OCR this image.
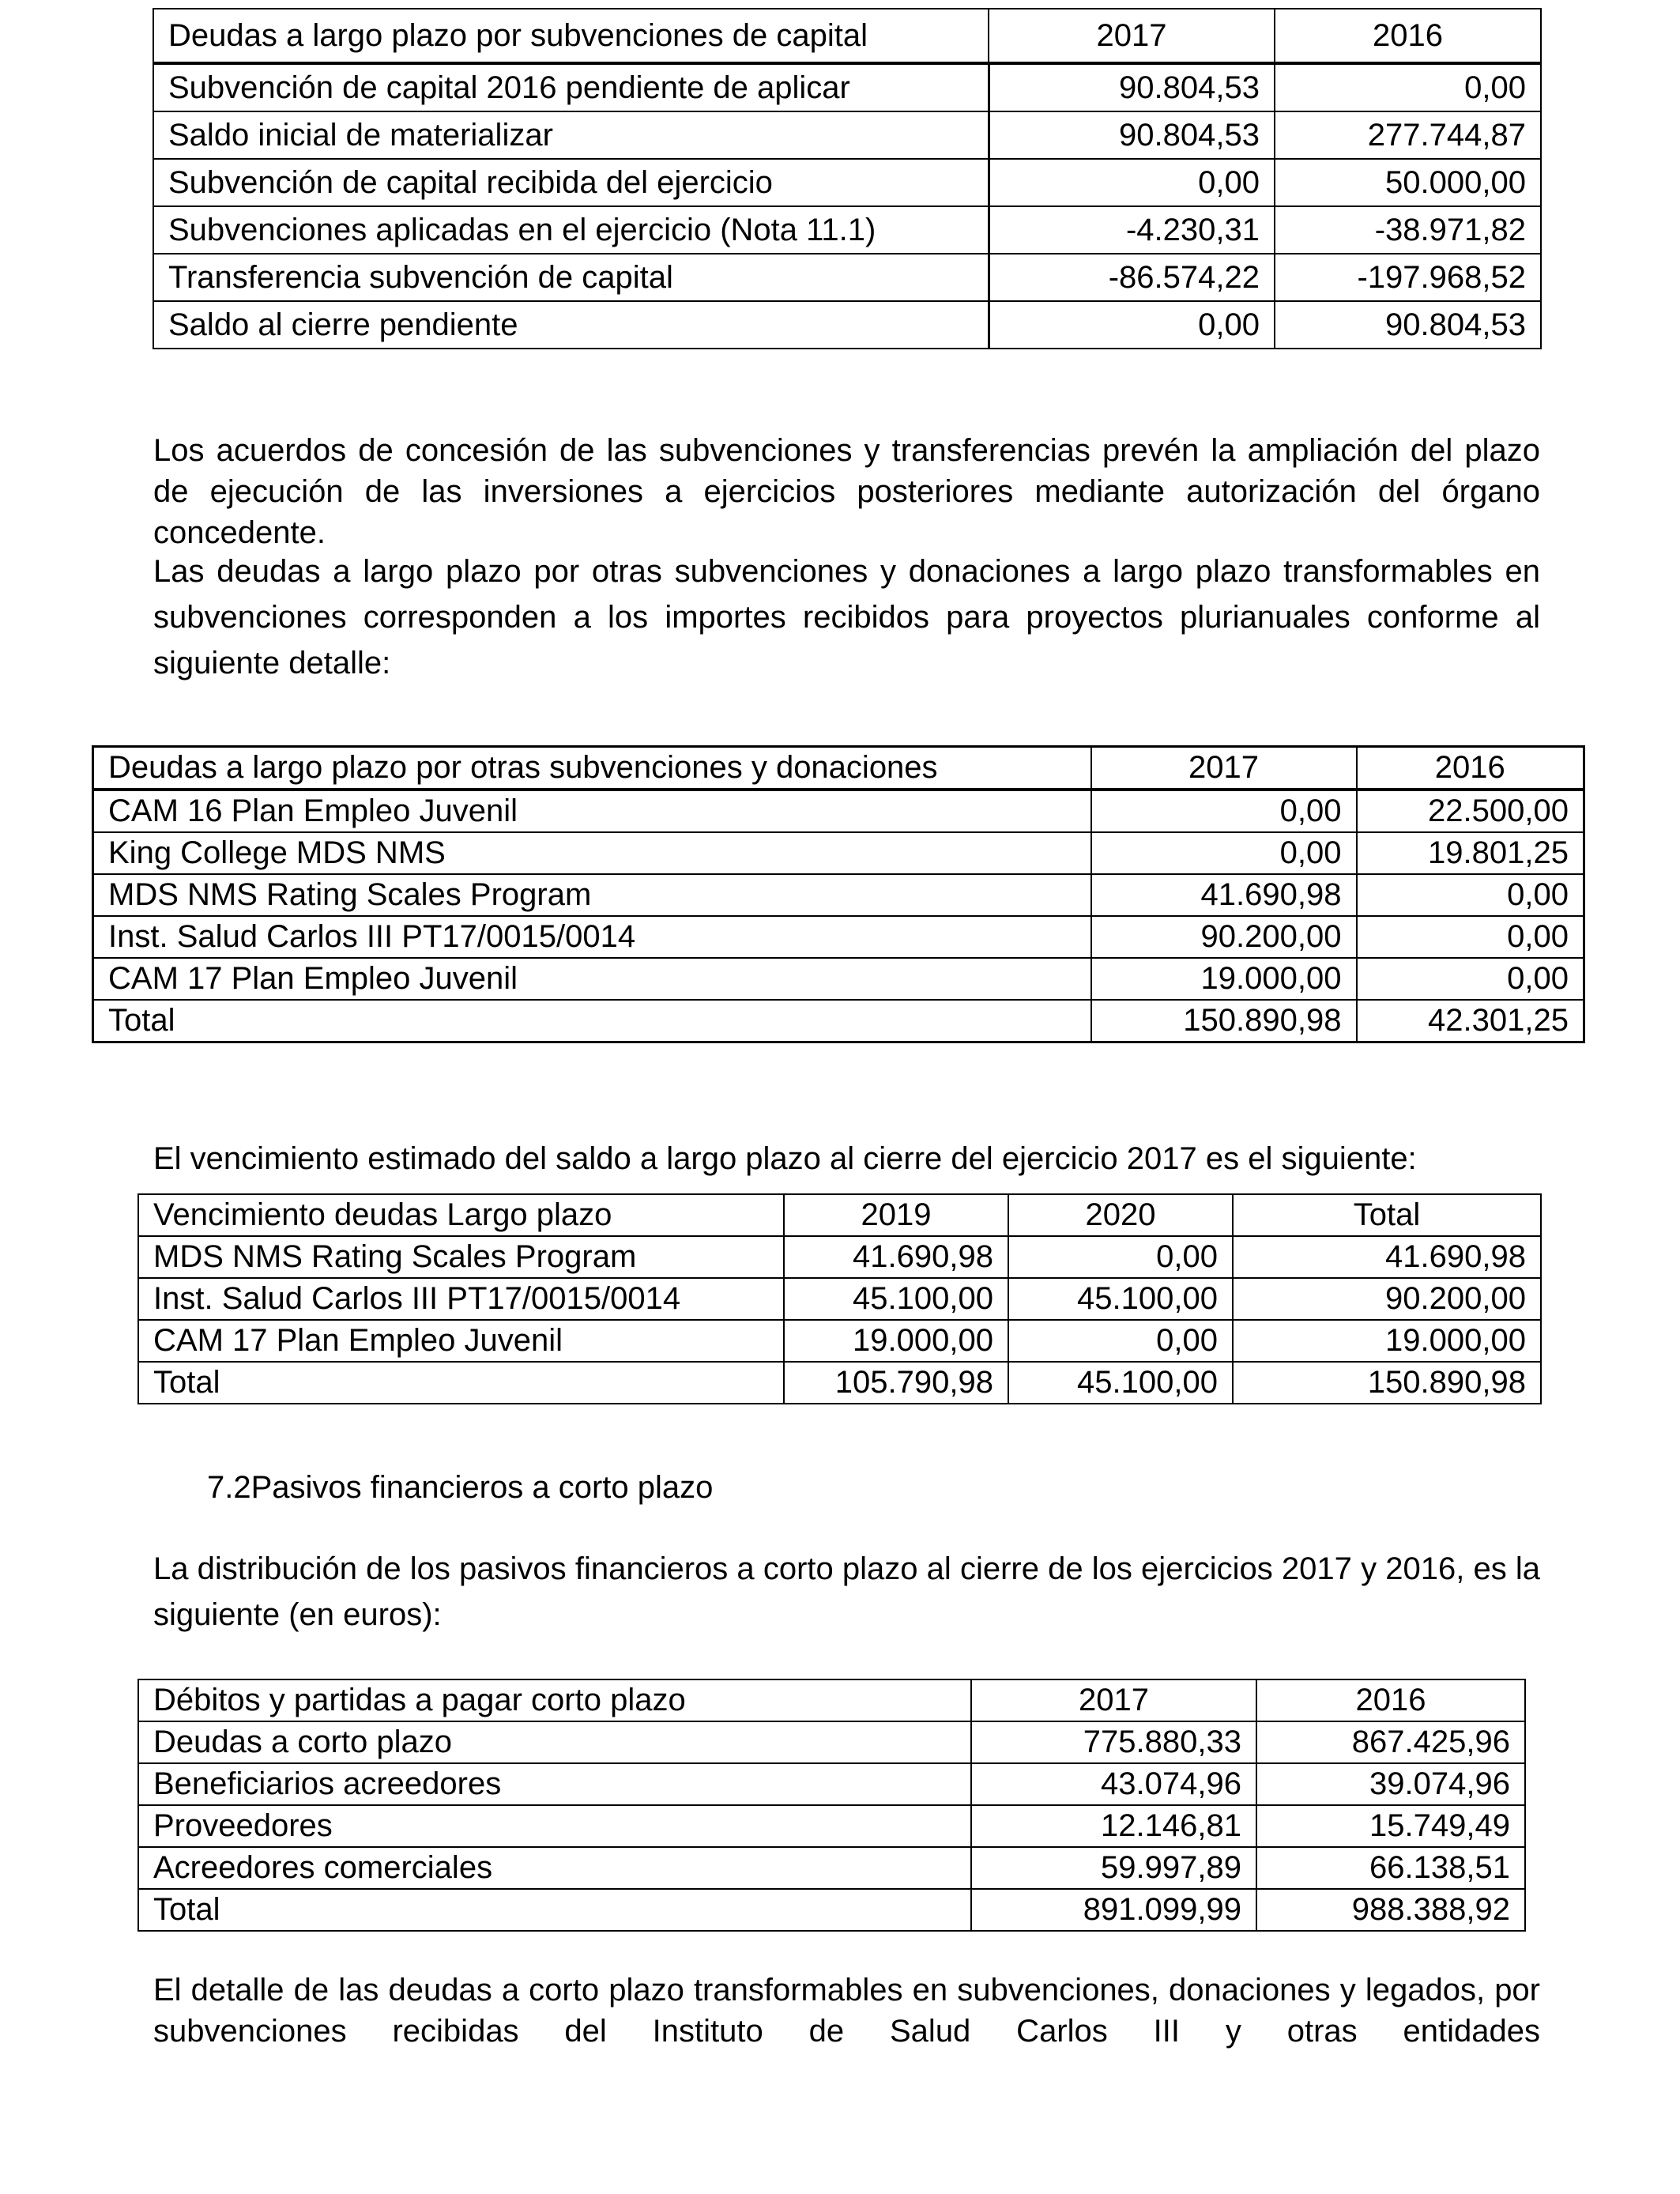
Deudas a largo plazo por subvenciones de capital	2017	2016
Subvención de capital 2016 pendiente de aplicar	90.804,53	0,00
Saldo inicial de materializar	90.804,53	277.744,87
Subvención de capital recibida del ejercicio	0,00	50.000,00
Subvenciones aplicadas en el ejercicio (Nota 11.1)	-4.230,31	-38.971,82
Transferencia subvención de capital	-86.574,22	-197.968,52
Saldo al cierre pendiente	0,00	90.804,53

Los acuerdos de concesión de las subvenciones y transferencias prevén la ampliación del plazo de ejecución de las inversiones a ejercicios posteriores mediante autorización del órgano concedente.

Las deudas a largo plazo por otras subvenciones y donaciones a largo plazo transformables en subvenciones corresponden a los importes recibidos para proyectos plurianuales conforme al siguiente detalle:

Deudas a largo plazo por otras subvenciones y donaciones	2017	2016
CAM 16 Plan Empleo Juvenil	0,00	22.500,00
King College MDS NMS	0,00	19.801,25
MDS NMS Rating Scales Program	41.690,98	0,00
Inst. Salud Carlos III PT17/0015/0014	90.200,00	0,00
CAM 17 Plan Empleo Juvenil	19.000,00	0,00
Total	150.890,98	42.301,25

El vencimiento estimado del saldo a largo plazo al cierre del ejercicio 2017 es el siguiente:

Vencimiento deudas Largo plazo	2019	2020	Total
MDS NMS Rating Scales Program	41.690,98	0,00	41.690,98
Inst. Salud Carlos III PT17/0015/0014	45.100,00	45.100,00	90.200,00
CAM 17 Plan Empleo Juvenil	19.000,00	0,00	19.000,00
Total	105.790,98	45.100,00	150.890,98

7.2Pasivos financieros a corto plazo

La distribución de los pasivos financieros a corto plazo al cierre de los ejercicios 2017 y 2016, es la siguiente (en euros):

Débitos y partidas a pagar corto plazo	2017	2016
Deudas a corto plazo	775.880,33	867.425,96
Beneficiarios acreedores	43.074,96	39.074,96
Proveedores	12.146,81	15.749,49
Acreedores comerciales	59.997,89	66.138,51
Total	891.099,99	988.388,92

El detalle de las deudas a corto plazo transformables en subvenciones, donaciones y legados, por subvenciones recibidas del Instituto de Salud Carlos III y otras entidades
